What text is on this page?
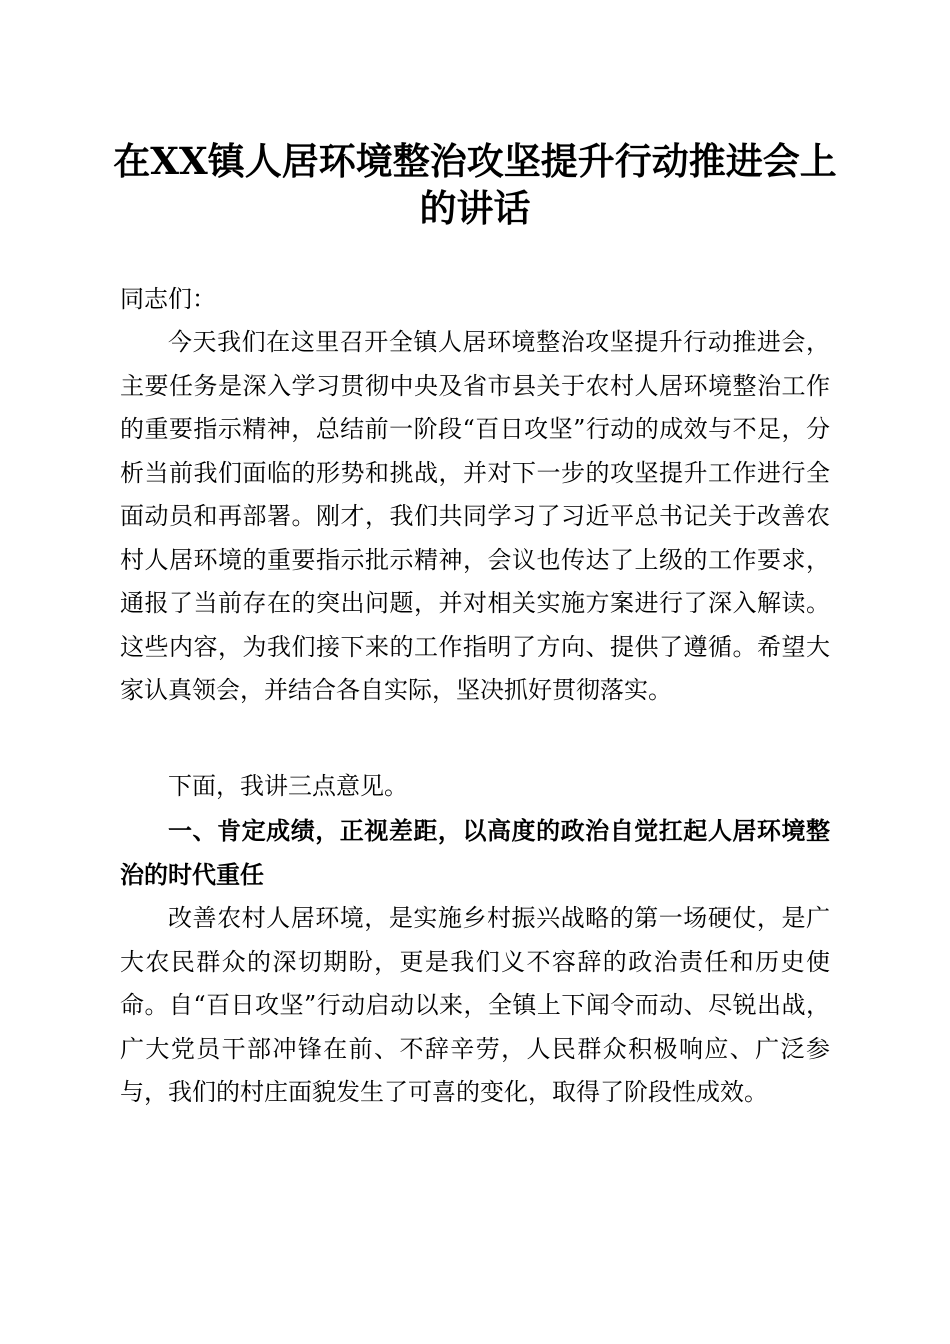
在XX镇人居环境整治攻坚提升行动推进会上
的讲话

同志们：

今天我们在这里召开全镇人居环境整治攻坚提升行动推进会，主要任务是深入学习贯彻中央及省市县关于农村人居环境整治工作的重要指示精神，总结前一阶段“百日攻坚”行动的成效与不足，分析当前我们面临的形势和挑战，并对下一步的攻坚提升工作进行全面动员和再部署。刚才，我们共同学习了习近平总书记关于改善农村人居环境的重要指示批示精神，会议也传达了上级的工作要求，通报了当前存在的突出问题，并对相关实施方案进行了深入解读。这些内容，为我们接下来的工作指明了方向、提供了遵循。希望大家认真领会，并结合各自实际，坚决抓好贯彻落实。

下面，我讲三点意见。

一、肯定成绩，正视差距，以高度的政治自觉扛起人居环境整治的时代重任

改善农村人居环境，是实施乡村振兴战略的第一场硬仗，是广大农民群众的深切期盼，更是我们义不容辞的政治责任和历史使命。自“百日攻坚”行动启动以来，全镇上下闻令而动、尽锐出战，广大党员干部冲锋在前、不辞辛劳，人民群众积极响应、广泛参与，我们的村庄面貌发生了可喜的变化，取得了阶段性成效。
